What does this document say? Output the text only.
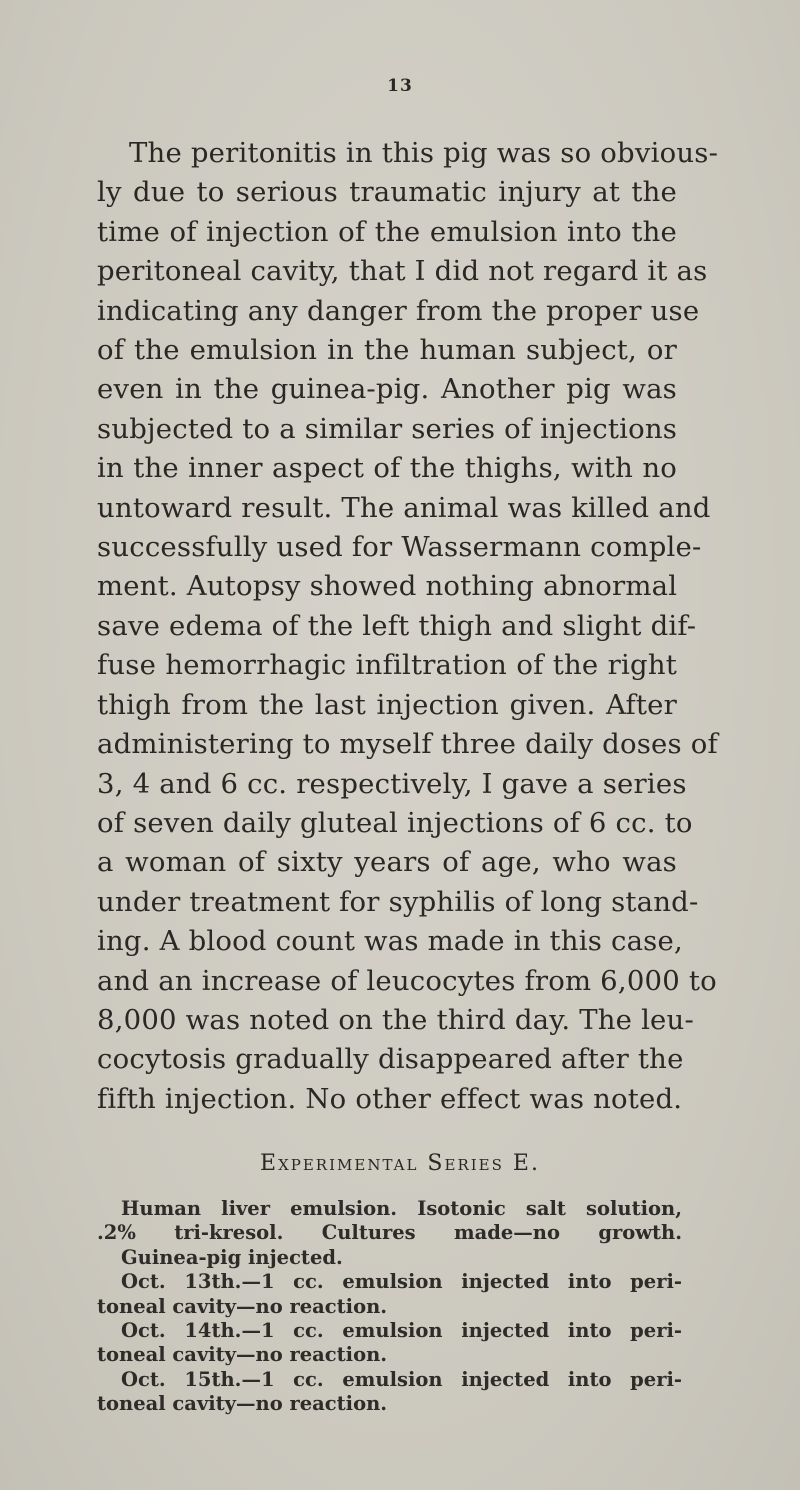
13
The peritonitis in this pig was so obvious-
ly due to serious traumatic injury at the
time of injection of the emulsion into the
peritoneal cavity, that I did not regard it as
indicating any danger from the proper use
of the emulsion in the human subject, or
even in the guinea-pig. Another pig was
subjected to a similar series of injections
in the inner aspect of the thighs, with no
untoward result. The animal was killed and
successfully used for Wassermann comple-
ment. Autopsy showed nothing abnormal
save edema of the left thigh and slight dif-
fuse hemorrhagic infiltration of the right
thigh from the last injection given. After
administering to myself three daily doses of
3, 4 and 6 cc. respectively, I gave a series
of seven daily gluteal injections of 6 cc. to
a woman of sixty years of age, who was
under treatment for syphilis of long stand-
ing. A blood count was made in this case,
and an increase of leucocytes from 6,000 to
8,000 was noted on the third day. The leu-
cocytosis gradually disappeared after the
fifth injection. No other effect was noted.
Experimental Series E.
Human liver emulsion. Isotonic salt solution,
.2% tri-kresol. Cultures made—no growth.
Guinea-pig injected.
Oct. 13th.—1 cc. emulsion injected into peri-
toneal cavity—no reaction.
Oct. 14th.—1 cc. emulsion injected into peri-
toneal cavity—no reaction.
Oct. 15th.—1 cc. emulsion injected into peri-
toneal cavity—no reaction.
